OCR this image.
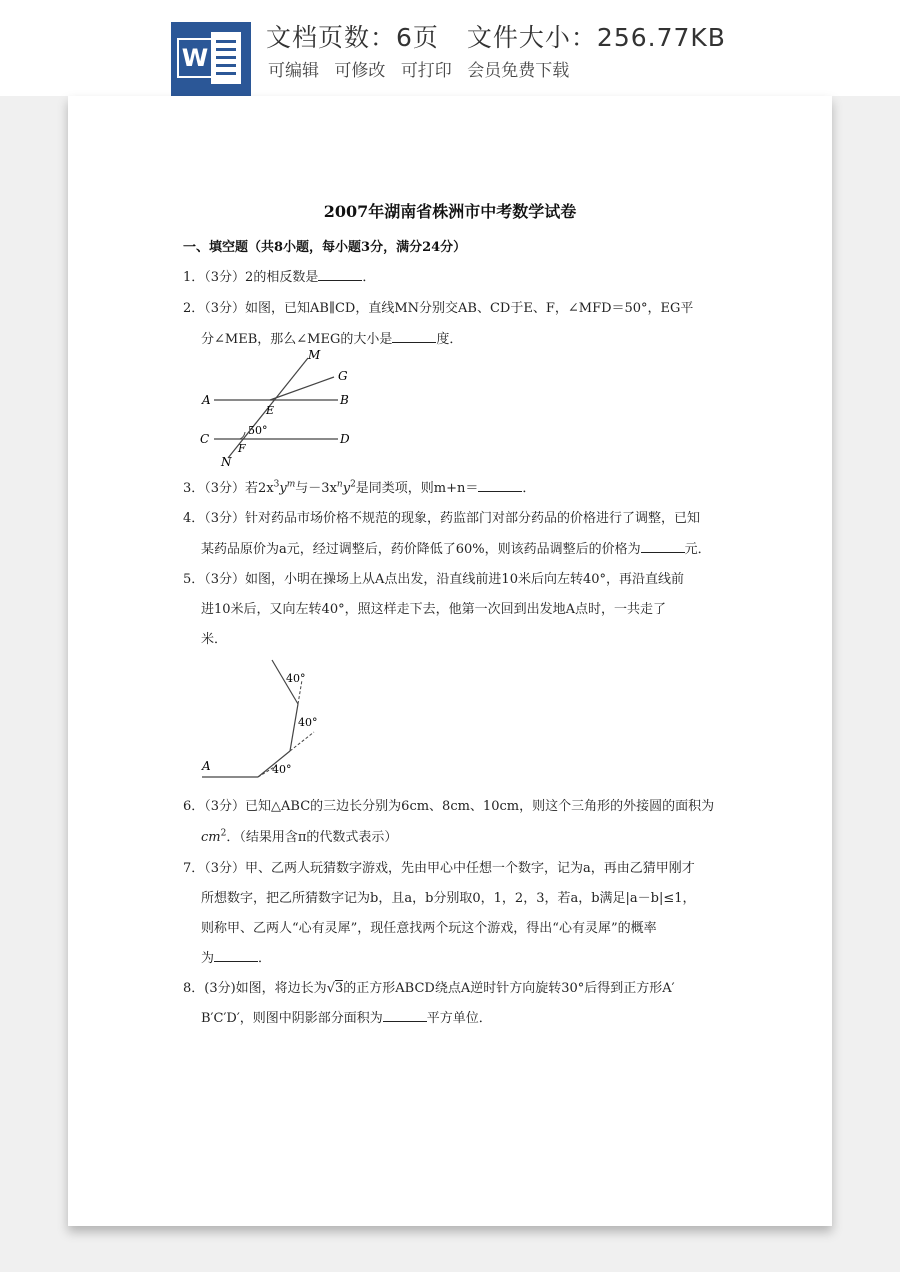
W
文档页数：6页 文件大小：256.77KB
可编辑 可修改 可打印 会员免费下载
2007年湖南省株洲市中考数学试卷
一、填空题（共8小题，每小题3分，满分24分）
1．（3分）2的相反数是	．
2．（3分）如图，已知AB∥CD，直线MN分别交AB、CD于E、F，∠MFD＝50°，EG平
分∠MEB，那么∠MEG的大小是	度．
M
G
A
E
B
C
50°
D
F
N
3．（3分）若$2x^3y^m$与$-3x^ny^2$是同类项，则m+n＝	．
4．（3分）针对药品市场价格不规范的现象，药监部门对部分药品的价格进行了调整，已知
某药品原价为a元，经过调整后，药价降低了60%，则该药品调整后的价格为	元．
5．（3分）如图，小明在操场上从A点出发，沿直线前进10米后向左转40°，再沿直线前
进10米后，又向左转40°，照这样走下去，他第一次回到出发地A点时，一共走了
米．
40°
40°
40°
A
6．（3分）已知△ABC的三边长分别为6cm、8cm、10cm，则这个三角形的外接圆的面积为
$cm^2$．（结果用含π的代数式表示）
7．（3分）甲、乙两人玩猜数字游戏，先由甲心中任想一个数字，记为a，再由乙猜甲刚才
所想数字，把乙所猜数字记为b，且a，b分别取0，1，2，3，若a，b满足|a－b|≤1，
则称甲、乙两人“心有灵犀”，现任意找两个玩这个游戏，得出“心有灵犀”的概率
为	．
8．(3分)如图，将边长为√3的正方形ABCD绕点A逆时针方向旋转30°后得到正方形A′
B′C′D′，则图中阴影部分面积为	平方单位．
